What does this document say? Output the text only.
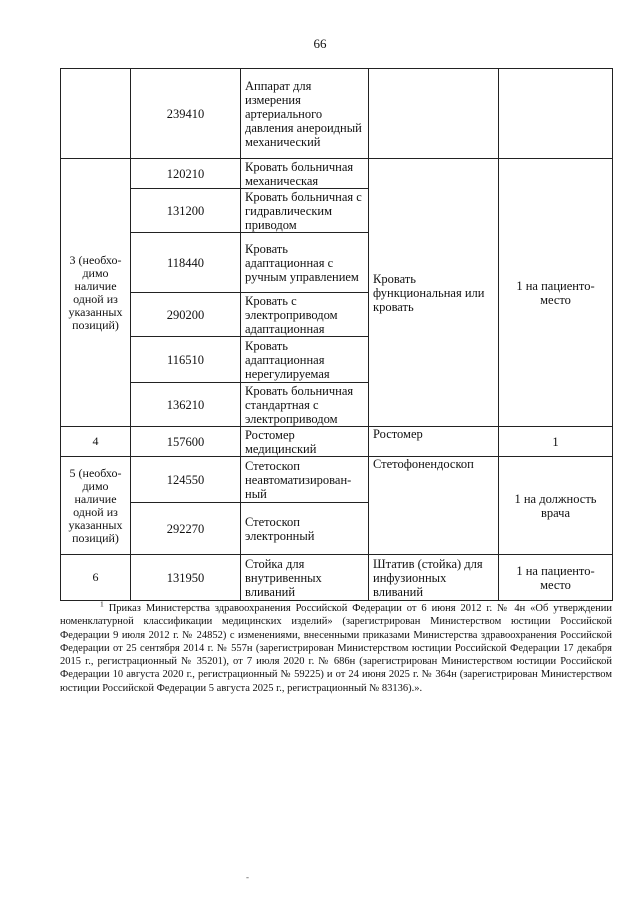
66
	239410	Аппарат для измерения артериального давления анероидный механический		
3 (необхо-димо наличие одной из указанных позиций)	120210	Кровать больничная механическая	Кровать функциональная или кровать	1 на пациенто-место
	131200	Кровать больничная с гидравлическим приводом		
	118440	Кровать адаптационная с ручным управлением		
	290200	Кровать с электроприводом адаптационная		
	116510	Кровать адаптационная нерегулируемая		
	136210	Кровать больничная стандартная с электроприводом		
4	157600	Ростомер медицинский	Ростомер	1
5 (необхо-димо наличие одной из указанных позиций)	124550	Стетоскоп неавтоматизирован-ный	Стетофонендоскоп	1 на должность врача
	292270	Стетоскоп электронный		
6	131950	Стойка для внутривенных вливаний	Штатив (стойка) для инфузионных вливаний	1 на пациенто-место
$^1$ Приказ Министерства здравоохранения Российской Федерации от 6 июня 2012 г. № 4н «Об утверждении номенклатурной классификации медицинских изделий» (зарегистрирован Министерством юстиции Российской Федерации 9 июля 2012 г. № 24852) с изменениями, внесенными приказами Министерства здравоохранения Российской Федерации от 25 сентября 2014 г. № 557н (зарегистрирован Министерством юстиции Российской Федерации 17 декабря 2015 г., регистрационный № 35201), от 7 июля 2020 г. № 686н (зарегистрирован Министерством юстиции Российской Федерации 10 августа 2020 г., регистрационный № 59225) и от 24 июня 2025 г. № 364н (зарегистрирован Министерством юстиции Российской Федерации 5 августа 2025 г., регистрационный № 83136).».
-
